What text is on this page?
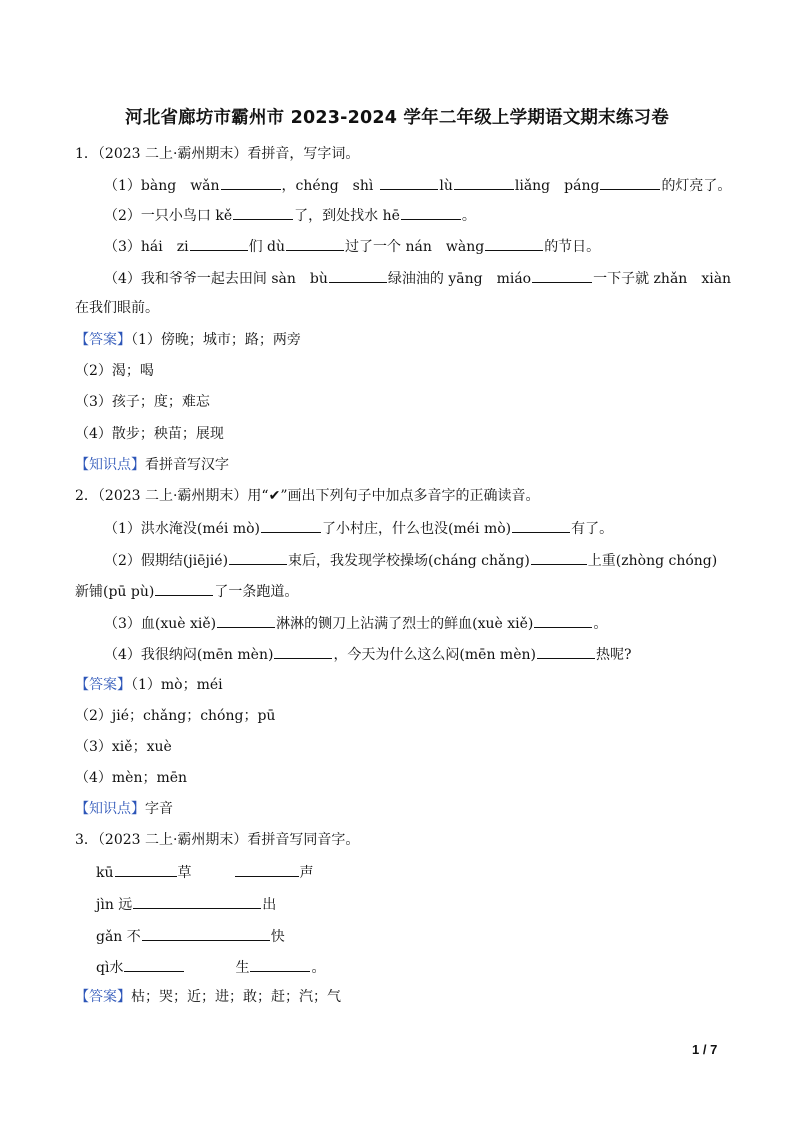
河北省廊坊市霸州市 2023-2024 学年二年级上学期语文期末练习卷
1．（2023 二上·霸州期末）看拼音，写字词。
（1）bàng　wǎn	，chéng　shì	lù	liǎng　páng	的灯亮了。
（2）一只小鸟口 kě	了，到处找水 hē	。
（3）hái　zi	们 dù	过了一个 nán　wàng	的节日。
（4）我和爷爷一起去田间 sàn　bù	绿油油的 yāng　miáo	一下子就 zhǎn　xiàn
在我们眼前。
【答案】（1）傍晚；城市；路；两旁
（2）渴；喝
（3）孩子；度；难忘
（4）散步；秧苗；展现
【知识点】看拼音写汉字
2．（2023 二上·霸州期末）用“✔”画出下列句子中加点多音字的正确读音。
（1）洪水淹没(méi mò)	了小村庄，什么也没(méi mò)	有了。
（2）假期结(jiējié)	束后，我发现学校操场(cháng chǎng)	上重(zhòng chóng)
新铺(pū pù)	了一条跑道。
（3）血(xuè xiě)	淋淋的铡刀上沾满了烈士的鲜血(xuè xiě)	。
（4）我很纳闷(mēn mèn)	，今天为什么这么闷(mēn mèn)	热呢?
【答案】（1）mò；méi
（2）jié；chǎng；chóng；pū
（3）xiě；xuè
（4）mèn；mēn
【知识点】字音
3．（2023 二上·霸州期末）看拼音写同音字。
kū	草	声
jìn 远	出
gǎn 不	快
qì水	生	。
【答案】枯；哭；近；进；敢；赶；汽；气
1 / 7
